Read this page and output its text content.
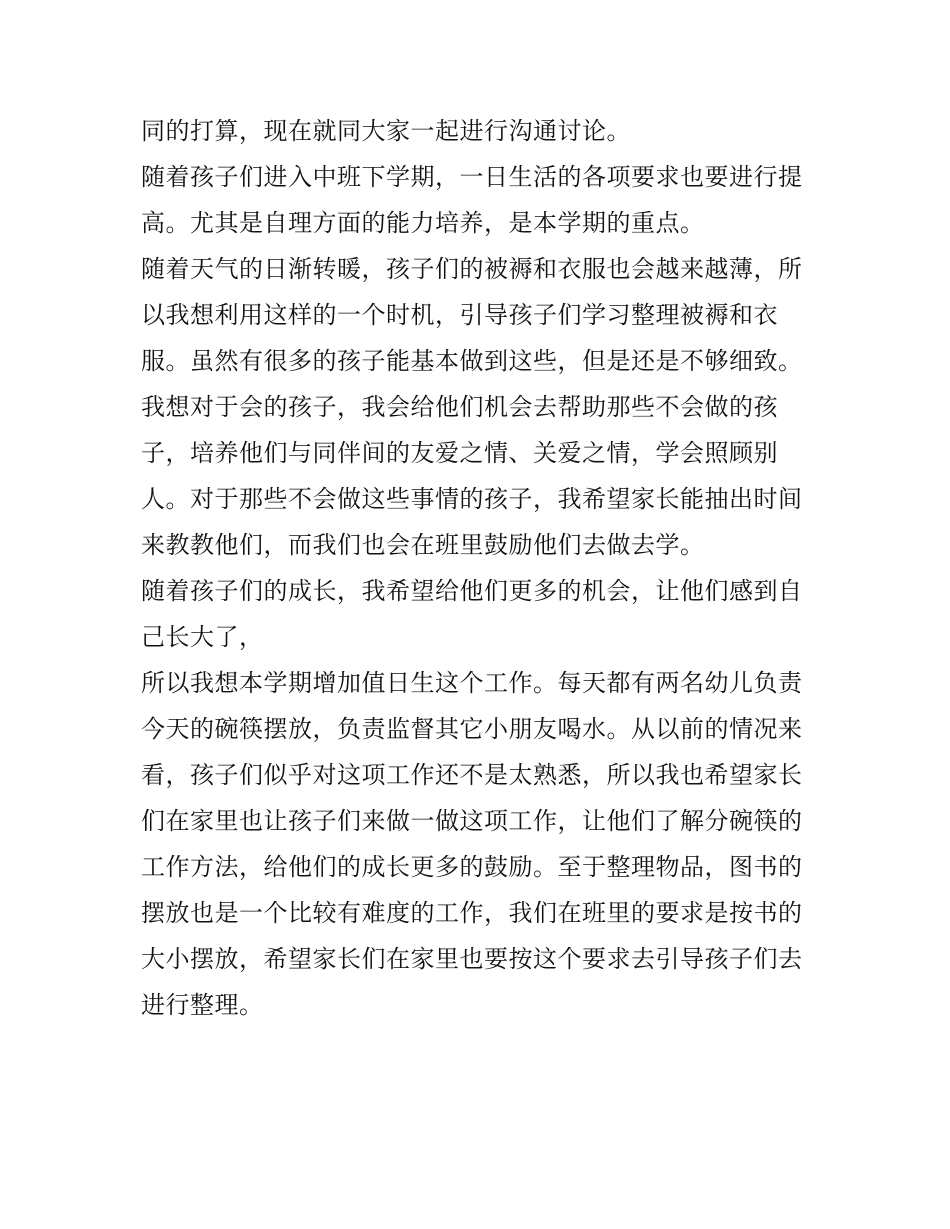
同的打算，现在就同大家一起进行沟通讨论。
随着孩子们进入中班下学期，一日生活的各项要求也要进行提
高。尤其是自理方面的能力培养，是本学期的重点。
随着天气的日渐转暖，孩子们的被褥和衣服也会越来越薄，所
以我想利用这样的一个时机，引导孩子们学习整理被褥和衣
服。虽然有很多的孩子能基本做到这些，但是还是不够细致。
我想对于会的孩子，我会给他们机会去帮助那些不会做的孩
子，培养他们与同伴间的友爱之情、关爱之情，学会照顾别
人。对于那些不会做这些事情的孩子，我希望家长能抽出时间
来教教他们，而我们也会在班里鼓励他们去做去学。
随着孩子们的成长，我希望给他们更多的机会，让他们感到自
己长大了，
所以我想本学期增加值日生这个工作。每天都有两名幼儿负责
今天的碗筷摆放，负责监督其它小朋友喝水。从以前的情况来
看，孩子们似乎对这项工作还不是太熟悉，所以我也希望家长
们在家里也让孩子们来做一做这项工作，让他们了解分碗筷的
工作方法，给他们的成长更多的鼓励。至于整理物品，图书的
摆放也是一个比较有难度的工作，我们在班里的要求是按书的
大小摆放，希望家长们在家里也要按这个要求去引导孩子们去
进行整理。
